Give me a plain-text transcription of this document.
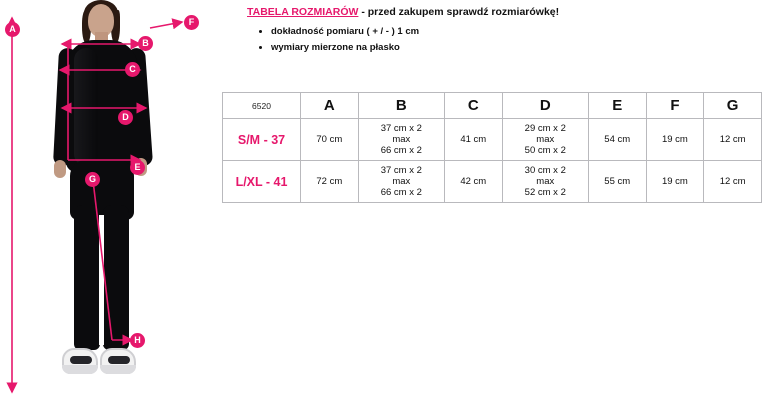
A
B
C
D
E
F
G
H
TABELA ROZMIARÓW - przed zakupem sprawdź rozmiarówkę!
• dokładność pomiaru ( + / - ) 1 cm
• wymiary mierzone na płasko
6520	A	B	C	D	E	F	G
S/M - 37	70 cm	37 cm x 2
max
66 cm x 2	41 cm	29 cm x 2
max
50 cm x 2	54 cm	19 cm	12 cm
L/XL - 41	72 cm	37 cm x 2
max
66 cm x 2	42 cm	30 cm x 2
max
52 cm x 2	55 cm	19 cm	12 cm
